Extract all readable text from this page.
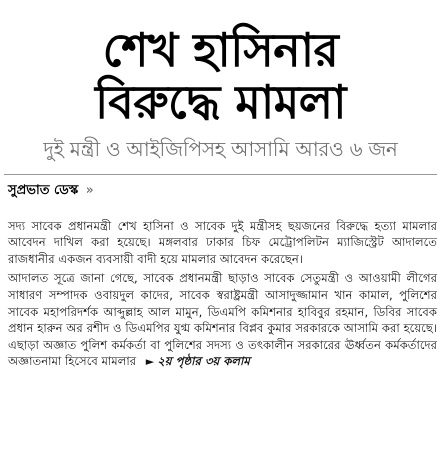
শেখ হাসিনার
বিরুদ্ধে মামলা
দুই মন্ত্রী ও আইজিপিসহ আসামি আরও ৬ জন
সুপ্রভাত ডেস্ক »

সদ্য সাবেক প্রধানমন্ত্রী শেখ হাসিনা ও সাবেক দুই মন্ত্রীসহ ছয়জনের বিরুদ্ধে হত্যা মামলার আবেদন দাখিল করা হয়েছে। মঙ্গলবার ঢাকার চিফ মেট্রোপলিটন ম্যাজিস্ট্রেট আদালতে রাজধানীর একজন ব্যবসায়ী বাদী হয়ে মামলার আবেদন করেছেন।

আদালত সূত্রে জানা গেছে, সাবেক প্রধানমন্ত্রী ছাড়াও সাবেক সেতুমন্ত্রী ও আওয়ামী লীগের সাধারণ সম্পাদক ওবায়দুল কাদের, সাবেক স্বরাষ্ট্রমন্ত্রী আসাদুজ্জামান খান কামাল, পুলিশের সাবেক মহাপরিদর্শক আব্দুল্লাহ আল মামুন, ডিএমপি কমিশনার হাবিবুর রহমান, ডিবির সাবেক প্রধান হারুন অর রশীদ ও ডিএমপির যুগ্ম কমিশনার বিপ্লব কুমার সরকারকে আসামি করা হয়েছে। এছাড়া অজ্ঞাত পুলিশ কর্মকর্তা বা পুলিশের সদস্য ও তৎকালীন সরকারের ঊর্ধ্বতন কর্মকর্তাদের অজ্ঞাতনামা হিসেবে মামলার ► ২য় পৃষ্ঠার ৩য় কলাম
